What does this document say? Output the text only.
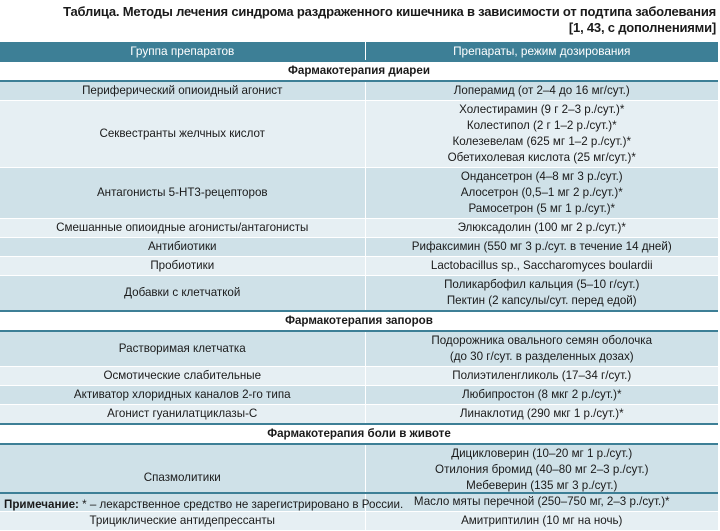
Таблица. Методы лечения синдрома раздраженного кишечника в зависимости от подтипа заболевания
[1, 43, с дополнениями]
Группа препаратов	Препараты, режим дозирования
Фармакотерапия диареи	
Периферический опиоидный агонист	Лоперамид (от 2–4 до 16 мг/сут.)

Секвестранты желчных кислот	Холестирамин (9 г 2–3 р./сут.)*
Колестипол (2 г 1–2 р./сут.)*
Колезевелам (625 мг 1–2 р./сут.)*
Обетихолевая кислота (25 мг/сут.)*

Антагонисты 5-НТ3-рецепторов	Ондансетрон (4–8 мг 3 р./сут.)
Алосетрон (0,5–1 мг 2 р./сут.)*
Рамосетрон (5 мг 1 р./сут.)*

Смешанные опиоидные агонисты/антагонисты	Элюксадолин (100 мг 2 р./сут.)*

Антибиотики	Рифаксимин (550 мг 3 р./сут. в течение 14 дней)

Пробиотики	Lactobacillus sp., Saccharomyces boulardii

Добавки с клетчаткой	Поликарбофил кальция (5–10 г/сут.)
Пектин (2 капсулы/сут. перед едой)

Фармакотерапия запоров	
Растворимая клетчатка	Подорожника овального семян оболочка
(до 30 г/сут. в разделенных дозах)

Осмотические слабительные	Полиэтиленгликоль (17–34 г/сут.)

Активатор хлоридных каналов 2-го типа	Любипростон (8 мкг 2 р./сут.)*

Агонист гуанилатциклазы-С	Линаклотид (290 мкг 1 р./сут.)*

Фармакотерапия боли в животе	
Спазмолитики	Дицикловерин (10–20 мг 1 р./сут.)
Отилония бромид (40–80 мг 2–3 р./сут.)
Мебеверин (135 мг 3 р./сут.)
Масло мяты перечной (250–750 мг, 2–3 р./сут.)*

Трициклические антидепрессанты	Амитриптилин (10 мг на ночь)
Примечание: * – лекарственное средство не зарегистрировано в России.
